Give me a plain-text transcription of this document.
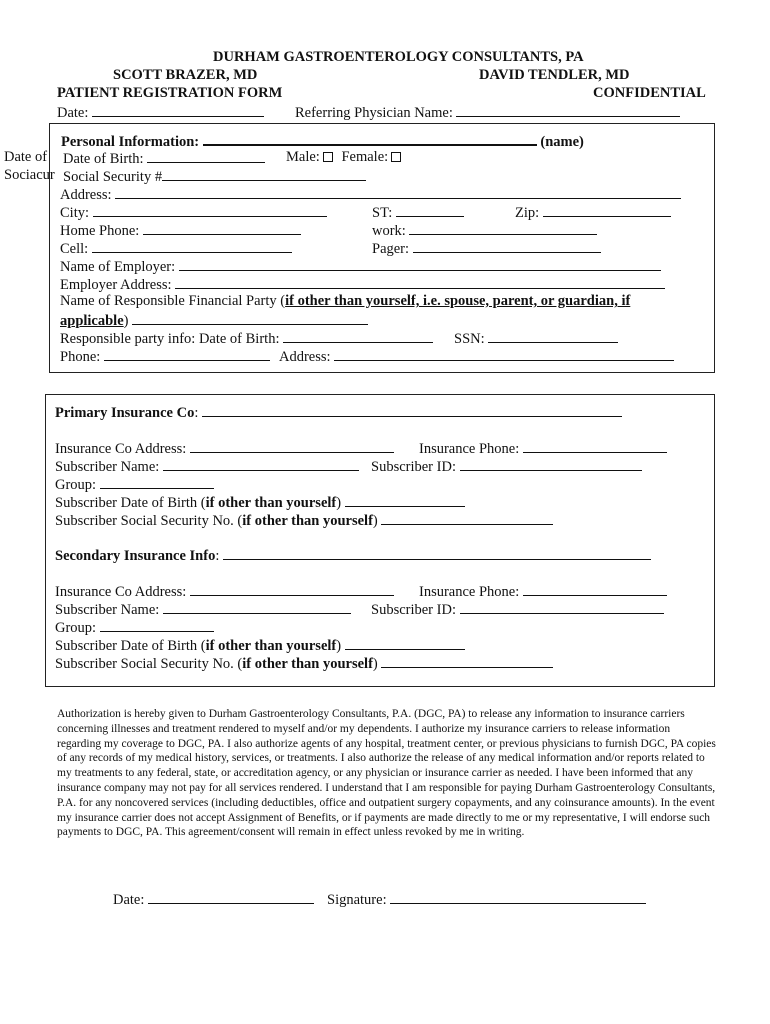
DURHAM GASTROENTEROLOGY CONSULTANTS, PA
SCOTT BRAZER, MD	DAVID TENDLER, MD
PATIENT REGISTRATION FORM	CONFIDENTIAL
Date:	Referring Physician Name:
Date of
Sociacur
Personal Information:	(name)
Date of Birth:	Male: Female:
Social Security #
Address:
City:	ST:	Zip:
Home Phone:	work:
Cell:	Pager:
Name of Employer:
Employer Address:
Name of Responsible Financial Party (if other than yourself, i.e. spouse, parent, or guardian, if
applicable)
Responsible party info: Date of Birth:	SSN:
Phone:	Address:
Primary Insurance Co:
Insurance Co Address:	Insurance Phone:
Subscriber Name:	Subscriber ID:
Group:
Subscriber Date of Birth (if other than yourself)
Subscriber Social Security No. (if other than yourself)
Secondary Insurance Info:
Insurance Co Address:	Insurance Phone:
Subscriber Name:	Subscriber ID:
Group:
Subscriber Date of Birth (if other than yourself)
Subscriber Social Security No. (if other than yourself)
Authorization is hereby given to Durham Gastroenterology Consultants, P.A. (DGC, PA) to release any information to insurance carriers concerning illnesses and treatment rendered to myself and/or my dependents. I authorize my insurance carriers to release information regarding my coverage to DGC, PA. I also authorize agents of any hospital, treatment center, or previous physicians to furnish DGC, PA copies of any records of my medical history, services, or treatments. I also authorize the release of any medical information and/or reports related to my treatments to any federal, state, or accreditation agency, or any physician or insurance carrier as needed. I have been informed that any insurance company may not pay for all services rendered. I understand that I am responsible for paying Durham Gastroenterology Consultants, P.A. for any noncovered services (including deductibles, office and outpatient surgery copayments, and any coinsurance amounts). In the event my insurance carrier does not accept Assignment of Benefits, or if payments are made directly to me or my representative, I will endorse such payments to DGC, PA. This agreement/consent will remain in effect unless revoked by me in writing.
Date:	Signature:
